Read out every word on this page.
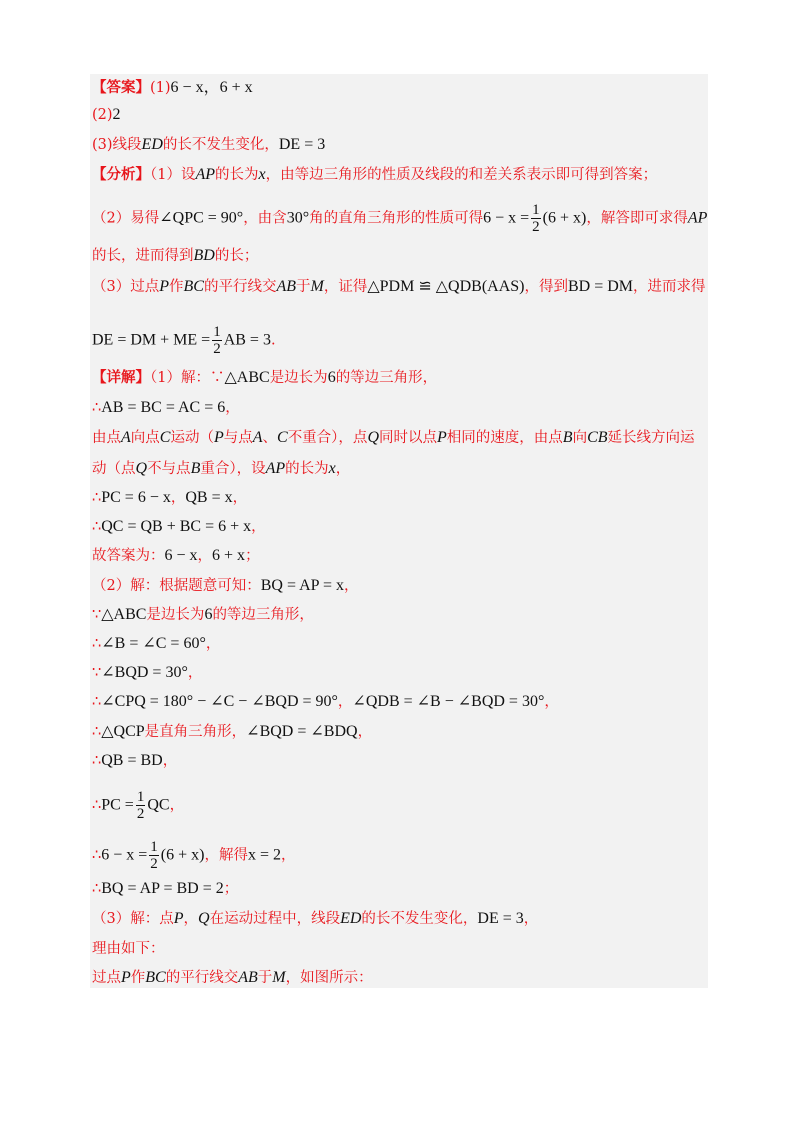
【答案】(1)6 − x，6 + x
(2)2
(3)线段ED的长不发生变化，DE = 3
【分析】（1）设AP的长为x，由等边三角形的性质及线段的和差关系表示即可得到答案；
（2）易得∠QPC = 90°，由含30°角的直角三角形的性质可得$6 - x = \frac{1}{2} (6 + x)$，解答即可求得AP
的长，进而得到BD的长；
（3）过点P作BC的平行线交AB于M，证得△PDM ≌ △QDB(AAS)，得到BD = DM，进而求得
DE = DM + ME = $\frac{1}{2}$ AB = 3.
【详解】（1）解：∵△ABC是边长为6的等边三角形，
∴AB = BC = AC = 6，
由点A向点C运动（P与点A、C不重合），点Q同时以点P相同的速度，由点B向CB延长线方向运
动（点Q不与点B重合），设AP的长为x，
∴PC = 6 − x，QB = x，
∴QC = QB + BC = 6 + x，
故答案为：6 − x，6 + x；
（2）解：根据题意可知：BQ = AP = x，
∵△ABC是边长为6的等边三角形，
∴∠B = ∠C = 60°，
∵∠BQD = 30°，
∴∠CPQ = 180° − ∠C − ∠BQD = 90°，∠QDB = ∠B − ∠BQD = 30°，
∴△QCP是直角三角形，∠BQD = ∠BDQ，
∴QB = BD，
∴PC = $\frac{1}{2}$ QC，
∴6 − $x = \frac{1}{2} (6 + x)$，解得x = 2，
∴BQ = AP = BD = 2；
（3）解：点P，Q在运动过程中，线段ED的长不发生变化，DE = 3，
理由如下：
过点P作BC的平行线交AB于M，如图所示：
